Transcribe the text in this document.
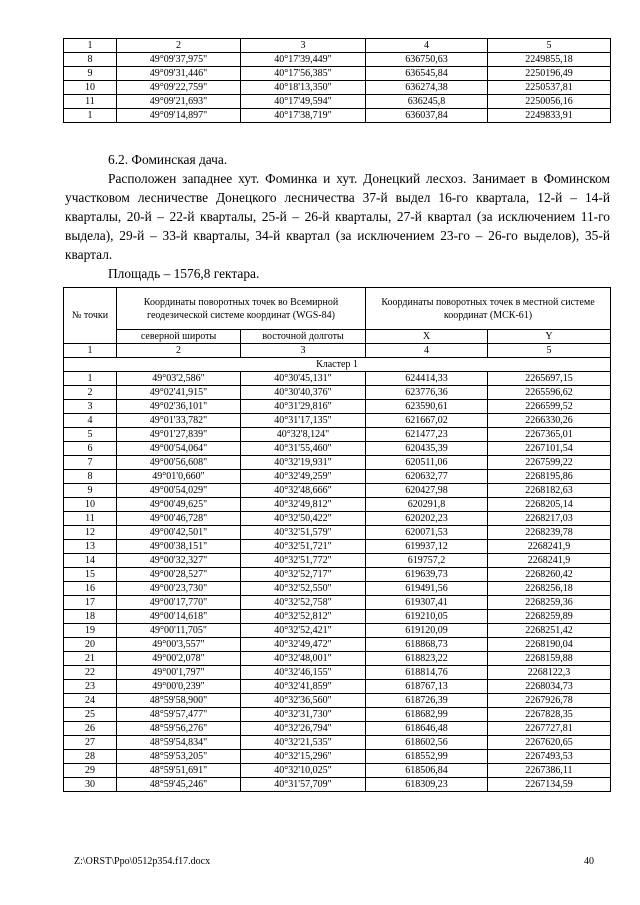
1	2	3	4	5
8	49°09'37,975"	40°17'39,449"	636750,63	2249855,18
9	49°09'31,446"	40°17'56,385"	636545,84	2250196,49
10	49°09'22,759"	40°18'13,350"	636274,38	2250537,81
11	49°09'21,693"	40°17'49,594"	636245,8	2250056,16
1	49°09'14,897"	40°17'38,719"	636037,84	2249833,91

6.2. Фоминская дача.

Расположен западнее хут. Фоминка и хут. Донецкий лесхоз. Занимает в Фоминском участковом лесничестве Донецкого лесничества 37-й выдел 16-го квартала, 12-й – 14-й кварталы, 20-й – 22-й кварталы, 25-й – 26-й кварталы, 27-й квартал (за исключением 11-го выдела), 29-й – 33-й кварталы, 34-й квартал (за исключением 23-го – 26-го выделов), 35-й квартал.

Площадь – 1576,8 гектара.

№ точки	Координаты поворотных точек во Всемирной геодезической системе координат (WGS-84)		Координаты поворотных точек в местной системе координат (МСК-61)	
	северной широты	восточной долготы	X	Y
1	2	3	4	5
Кластер 1				
1	49°03'2,586"	40°30'45,131"	624414,33	2265697,15
2	49°02'41,915"	40°30'40,376"	623776,36	2265596,62
3	49°02'36,101"	40°31'29,816"	623590,61	2266599,52
4	49°01'33,782"	40°31'17,135"	621667,02	2266330,26
5	49°01'27,839"	40°32'8,124"	621477,23	2267365,01
6	49°00'54,064"	40°31'55,460"	620435,39	2267101,54
7	49°00'56,608"	40°32'19,931"	620511,06	2267599,22
8	49°01'0,660"	40°32'49,259"	620632,77	2268195,86
9	49°00'54,029"	40°32'48,666"	620427,98	2268182,63
10	49°00'49,625"	40°32'49,812"	620291,8	2268205,14
11	49°00'46,728"	40°32'50,422"	620202,23	2268217,03
12	49°00'42,501"	40°32'51,579"	620071,53	2268239,78
13	49°00'38,151"	40°32'51,721"	619937,12	2268241,9
14	49°00'32,327"	40°32'51,772"	619757,2	2268241,9
15	49°00'28,527"	40°32'52,717"	619639,73	2268260,42
16	49°00'23,730"	40°32'52,550"	619491,56	2268256,18
17	49°00'17,770"	40°32'52,758"	619307,41	2268259,36
18	49°00'14,618"	40°32'52,812"	619210,05	2268259,89
19	49°00'11,705"	40°32'52,421"	619120,09	2268251,42
20	49°00'3,557"	40°32'49,472"	618868,73	2268190,04
21	49°00'2,078"	40°32'48,001"	618823,22	2268159,88
22	49°00'1,797"	40°32'46,155"	618814,76	2268122,3
23	49°00'0,239"	40°32'41,859"	618767,13	2268034,73
24	48°59'58,900"	40°32'36,560"	618726,39	2267926,78
25	48°59'57,477"	40°32'31,730"	618682,99	2267828,35
26	48°59'56,276"	40°32'26,794"	618646,48	2267727,81
27	48°59'54,834"	40°32'21,535"	618602,56	2267620,65
28	48°59'53,205"	40°32'15,296"	618552,99	2267493,53
29	48°59'51,691"	40°32'10,025"	618506,84	2267386,11
30	48°59'45,246"	40°31'57,709"	618309,23	2267134,59
Z:\ORST\Ppo\0512p354.f17.docx	40
